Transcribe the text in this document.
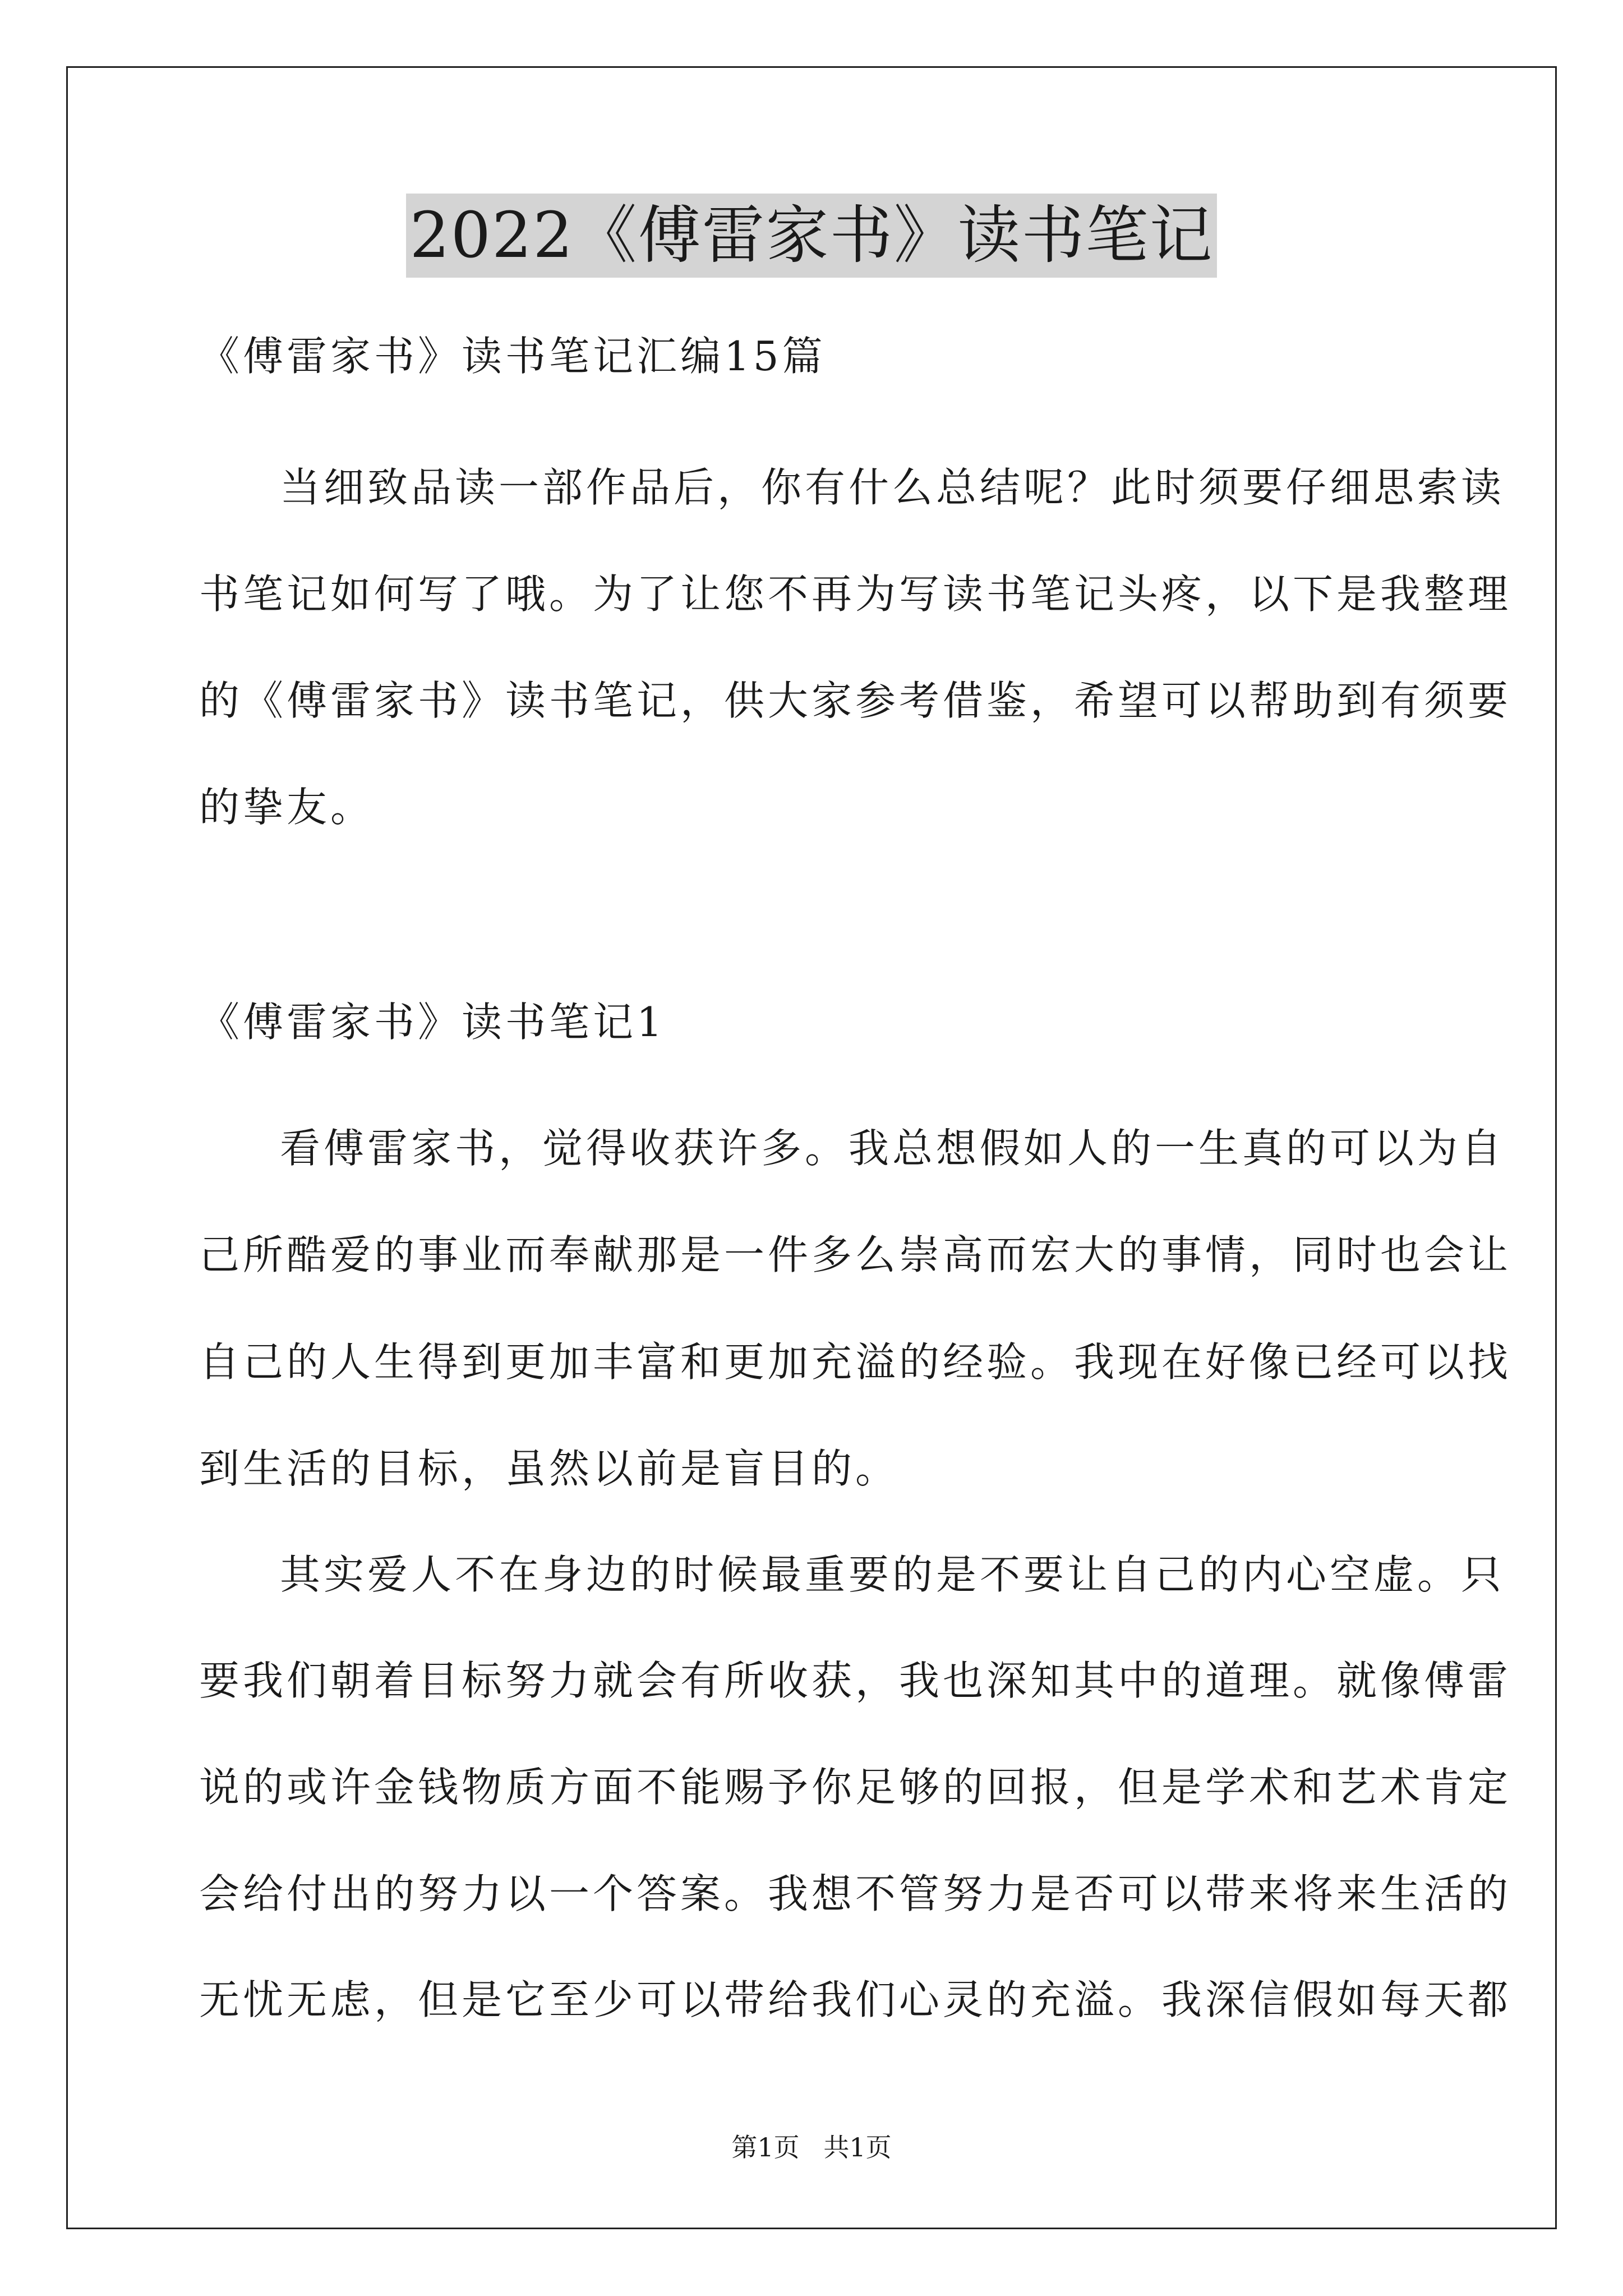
2022《傅雷家书》读书笔记
《傅雷家书》读书笔记汇编15篇
当细致品读一部作品后，你有什么总结呢？此时须要仔细思索读
书笔记如何写了哦。为了让您不再为写读书笔记头疼，以下是我整理
的《傅雷家书》读书笔记，供大家参考借鉴，希望可以帮助到有须要
的挚友。
《傅雷家书》读书笔记1
看傅雷家书，觉得收获许多。我总想假如人的一生真的可以为自
己所酷爱的事业而奉献那是一件多么崇高而宏大的事情，同时也会让
自己的人生得到更加丰富和更加充溢的经验。我现在好像已经可以找
到生活的目标，虽然以前是盲目的。
其实爱人不在身边的时候最重要的是不要让自己的内心空虚。只
要我们朝着目标努力就会有所收获，我也深知其中的道理。就像傅雷
说的或许金钱物质方面不能赐予你足够的回报，但是学术和艺术肯定
会给付出的努力以一个答案。我想不管努力是否可以带来将来生活的
无忧无虑，但是它至少可以带给我们心灵的充溢。我深信假如每天都
第1页 共1页
